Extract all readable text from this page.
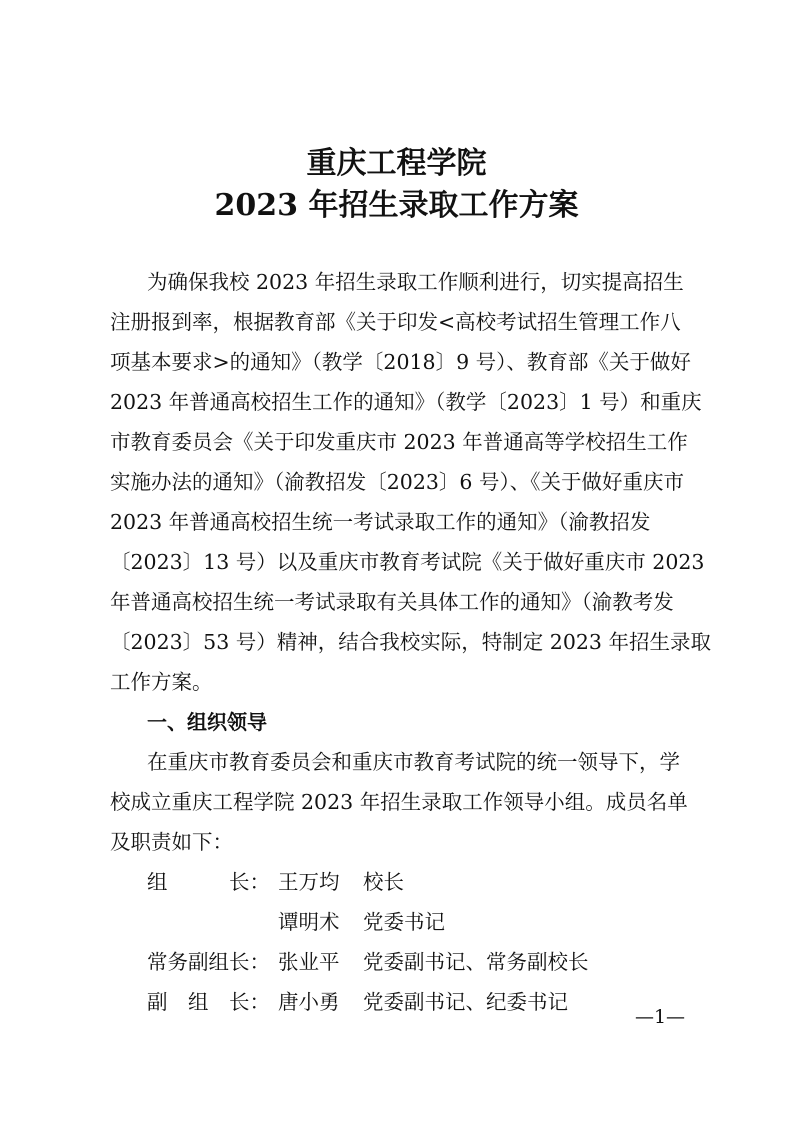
重庆工程学院
2023 年招生录取工作方案
为确保我校 2023 年招生录取工作顺利进行，切实提高招生
注册报到率，根据教育部《关于印发<高校考试招生管理工作八
项基本要求>的通知》（教学〔2018〕9 号）、教育部《关于做好
2023 年普通高校招生工作的通知》（教学〔2023〕1 号）和重庆
市教育委员会《关于印发重庆市 2023 年普通高等学校招生工作
实施办法的通知》（渝教招发〔2023〕6 号）、《关于做好重庆市
2023 年普通高校招生统一考试录取工作的通知》（渝教招发
〔2023〕13 号）以及重庆市教育考试院《关于做好重庆市 2023
年普通高校招生统一考试录取有关具体工作的通知》（渝教考发
〔2023〕53 号）精神，结合我校实际，特制定 2023 年招生录取
工作方案。
一、组织领导
在重庆市教育委员会和重庆市教育考试院的统一领导下，学
校成立重庆工程学院 2023 年招生录取工作领导小组。成员名单
及职责如下：
组　　　长： 王万均 校长
谭明术 党委书记
常务副组长： 张业平 党委副书记、常务副校长
副　组　长： 唐小勇 党委副书记、纪委书记
—1—
